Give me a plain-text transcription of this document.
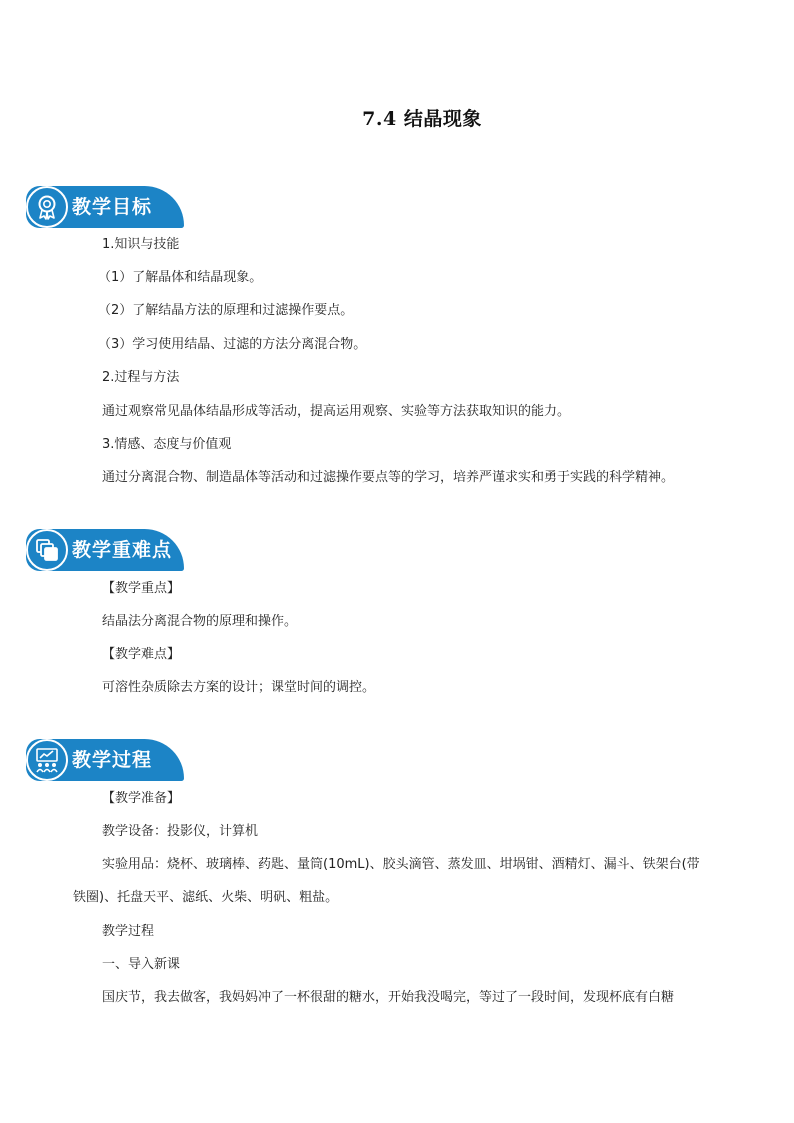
7.4 结晶现象
教学目标
1.知识与技能
（1）了解晶体和结晶现象。
（2）了解结晶方法的原理和过滤操作要点。
（3）学习使用结晶、过滤的方法分离混合物。
2.过程与方法
通过观察常见晶体结晶形成等活动，提高运用观察、实验等方法获取知识的能力。
3.情感、态度与价值观
通过分离混合物、制造晶体等活动和过滤操作要点等的学习，培养严谨求实和勇于实践的科学精神。
教学重难点
【教学重点】
结晶法分离混合物的原理和操作。
【教学难点】
可溶性杂质除去方案的设计；课堂时间的调控。
教学过程
【教学准备】
教学设备：投影仪，计算机
实验用品：烧杯、玻璃棒、药匙、量筒(10mL)、胶头滴管、蒸发皿、坩埚钳、酒精灯、漏斗、铁架台(带
铁圈)、托盘天平、滤纸、火柴、明矾、粗盐。
教学过程
一、导入新课
国庆节，我去做客，我妈妈冲了一杯很甜的糖水，开始我没喝完，等过了一段时间，发现杯底有白糖
